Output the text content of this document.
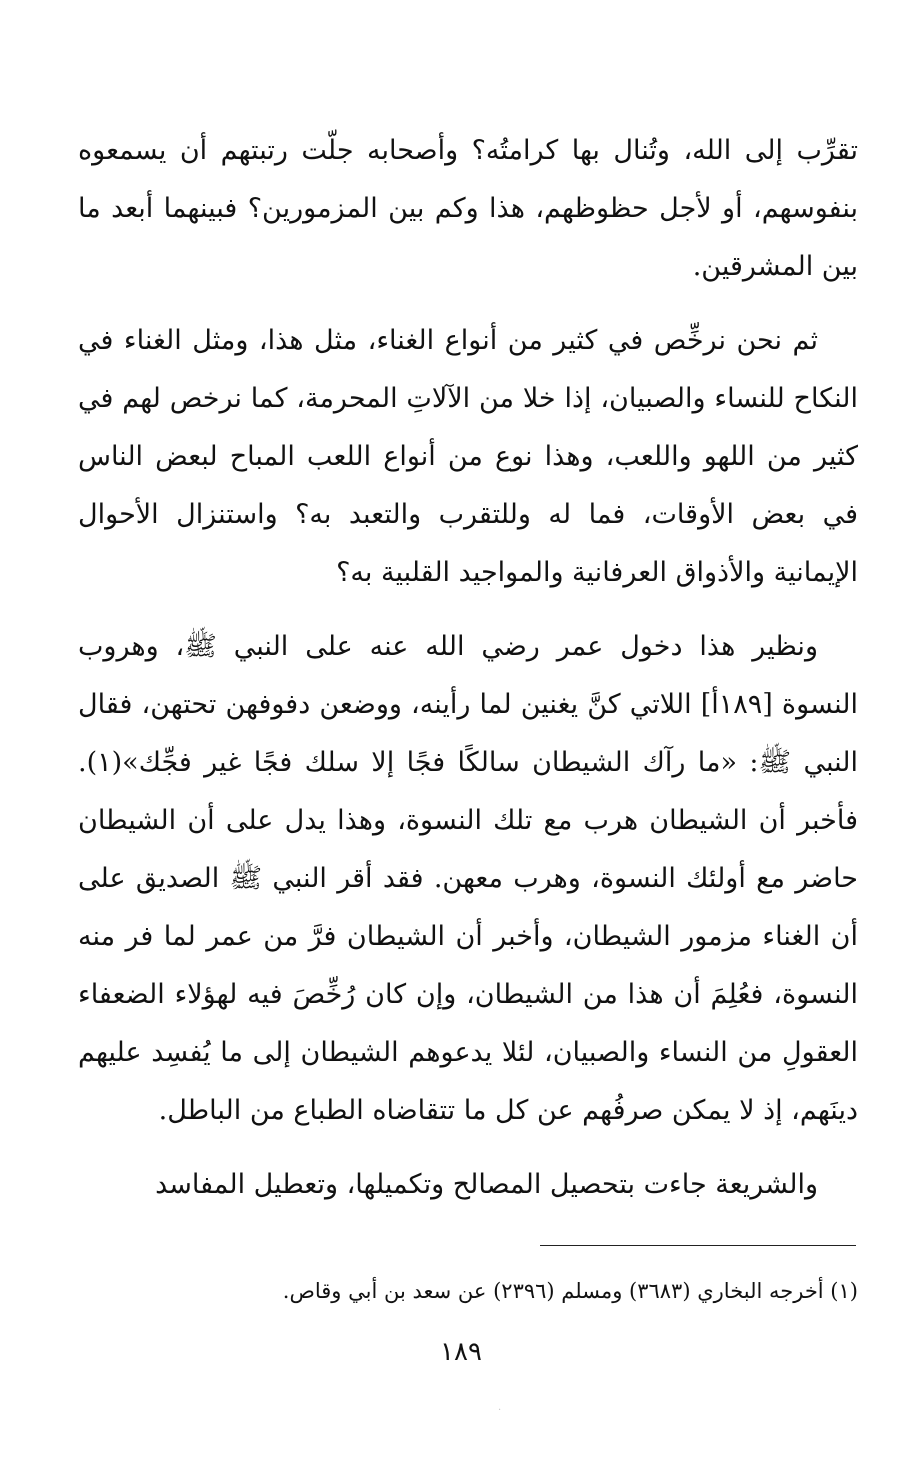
تقرِّب إلى الله، وتُنال بها كرامتُه؟ وأصحابه جلّت رتبتهم أن يسمعوه بنفوسهم، أو لأجل حظوظهم، هذا وكم بين المزمورين؟ فبينهما أبعد ما بين المشرقين.

ثم نحن نرخِّص في كثير من أنواع الغناء، مثل هذا، ومثل الغناء في النكاح للنساء والصبيان، إذا خلا من الآلاتِ المحرمة، كما نرخص لهم في كثير من اللهو واللعب، وهذا نوع من أنواع اللعب المباح لبعض الناس في بعض الأوقات، فما له وللتقرب والتعبد به؟ واستنزال الأحوال الإيمانية والأذواق العرفانية والمواجيد القلبية به؟

ونظير هذا دخول عمر رضي الله عنه على النبي ﷺ، وهروب النسوة [١٨٩أ] اللاتي كنَّ يغنين لما رأينه، ووضعن دفوفهن تحتهن، فقال النبي ﷺ: «ما رآك الشيطان سالكًا فجًا إلا سلك فجًا غير فجِّك»(١). فأخبر أن الشيطان هرب مع تلك النسوة، وهذا يدل على أن الشيطان حاضر مع أولئك النسوة، وهرب معهن. فقد أقر النبي ﷺ الصديق على أن الغناء مزمور الشيطان، وأخبر أن الشيطان فرَّ من عمر لما فر منه النسوة، فعُلِمَ أن هذا من الشيطان، وإن كان رُخِّصَ فيه لهؤلاء الضعفاء العقولِ من النساء والصبيان، لئلا يدعوهم الشيطان إلى ما يُفسِد عليهم دينَهم، إذ لا يمكن صرفُهم عن كل ما تتقاضاه الطباع من الباطل.

والشريعة جاءت بتحصيل المصالح وتكميلها، وتعطيل المفاسد

(١) أخرجه البخاري (٣٦٨٣) ومسلم (٢٣٩٦) عن سعد بن أبي وقاص.
١٨٩
·
